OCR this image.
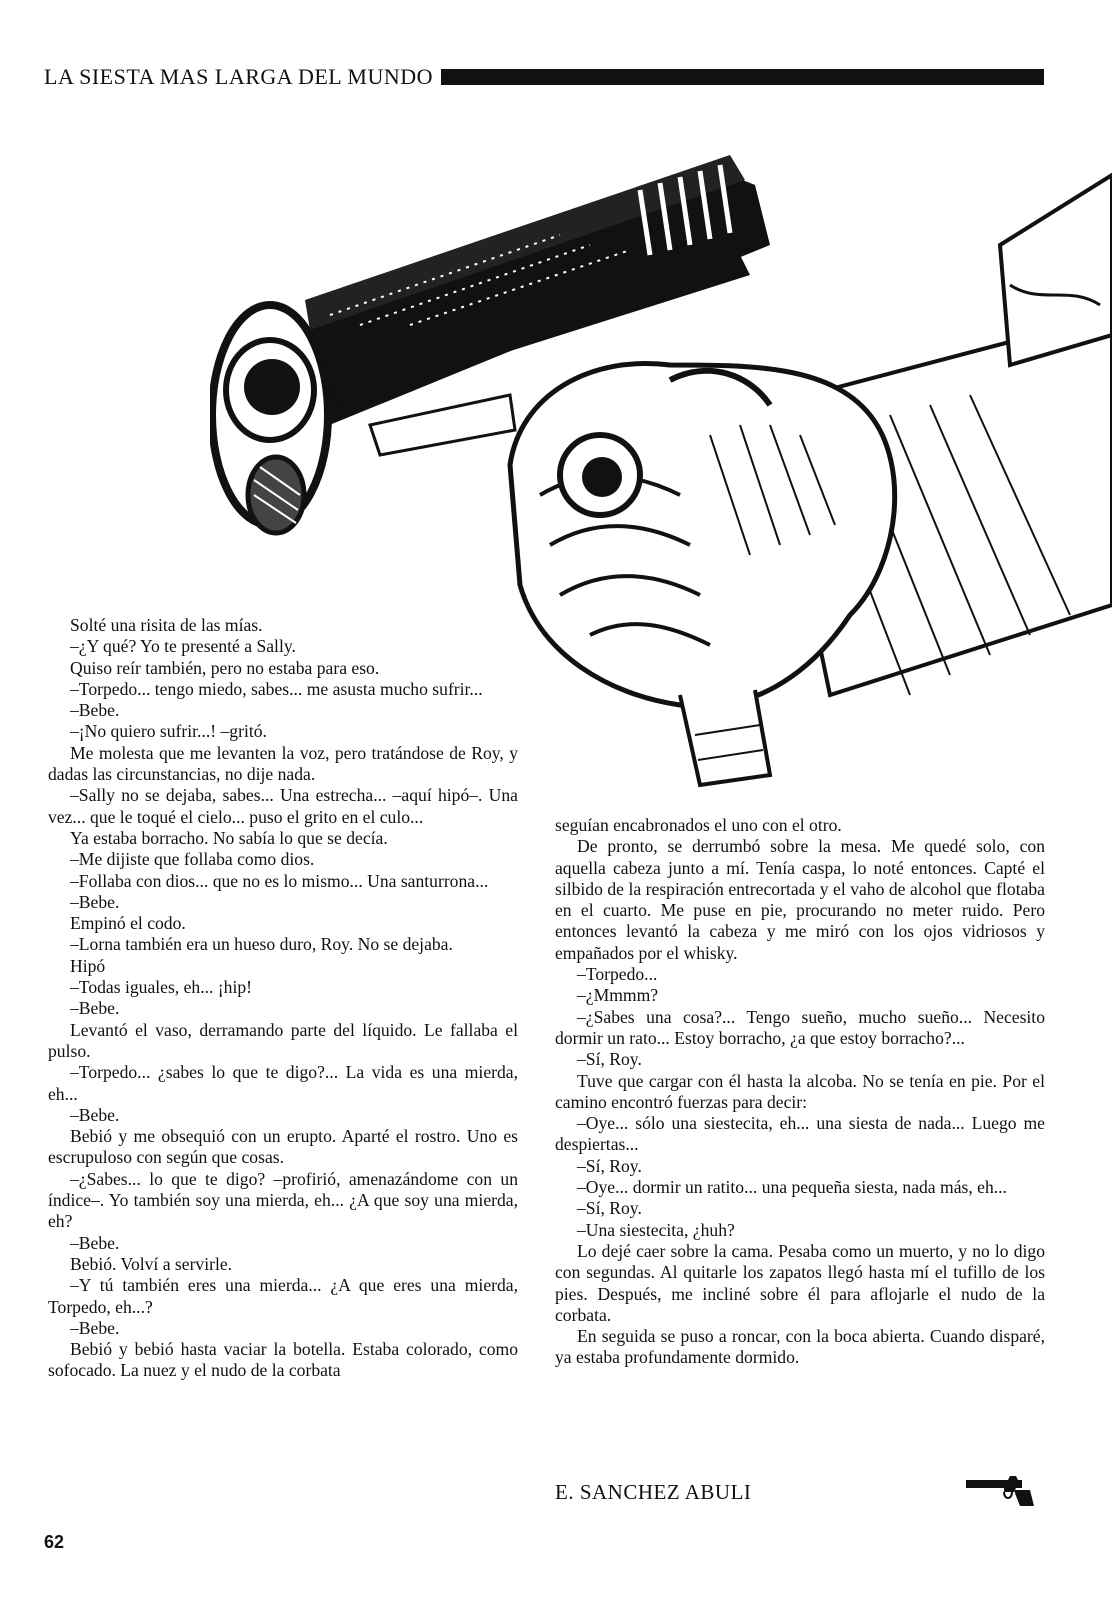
LA SIESTA MAS LARGA DEL MUNDO

Solté una risita de las mías.

–¿Y qué? Yo te presenté a Sally.

Quiso reír también, pero no estaba para eso.

–Torpedo... tengo miedo, sabes... me asusta mucho sufrir...

–Bebe.

–¡No quiero sufrir...! –gritó.

Me molesta que me levanten la voz, pero tratándose de Roy, y dadas las circunstancias, no dije nada.

–Sally no se dejaba, sabes... Una estrecha... –aquí hipó–. Una vez... que le toqué el cielo... puso el grito en el culo...

Ya estaba borracho. No sabía lo que se decía.

–Me dijiste que follaba como dios.

–Follaba con dios... que no es lo mismo... Una santurrona...

–Bebe.

Empinó el codo.

–Lorna también era un hueso duro, Roy. No se dejaba.

Hipó

–Todas iguales, eh... ¡hip!

–Bebe.

Levantó el vaso, derramando parte del líquido. Le fallaba el pulso.

–Torpedo... ¿sabes lo que te digo?... La vida es una mierda, eh...

–Bebe.

Bebió y me obsequió con un erupto. Aparté el rostro. Uno es escrupuloso con según que cosas.

–¿Sabes... lo que te digo? –profirió, amenazándome con un índice–. Yo también soy una mierda, eh... ¿A que soy una mierda, eh?

–Bebe.

Bebió. Volví a servirle.

–Y tú también eres una mierda... ¿A que eres una mierda, Torpedo, eh...?

–Bebe.

Bebió y bebió hasta vaciar la botella. Estaba colorado, como sofocado. La nuez y el nudo de la corbata

seguían encabronados el uno con el otro.

De pronto, se derrumbó sobre la mesa. Me quedé solo, con aquella cabeza junto a mí. Tenía caspa, lo noté entonces. Capté el silbido de la respiración entrecortada y el vaho de alcohol que flotaba en el cuarto. Me puse en pie, procurando no meter ruido. Pero entonces levantó la cabeza y me miró con los ojos vidriosos y empañados por el whisky.

–Torpedo...

–¿Mmmm?

–¿Sabes una cosa?... Tengo sueño, mucho sueño... Necesito dormir un rato... Estoy borracho, ¿a que estoy borracho?...

–Sí, Roy.

Tuve que cargar con él hasta la alcoba. No se tenía en pie. Por el camino encontró fuerzas para decir:

–Oye... sólo una siestecita, eh... una siesta de nada... Luego me despiertas...

–Sí, Roy.

–Oye... dormir un ratito... una pequeña siesta, nada más, eh...

–Sí, Roy.

–Una siestecita, ¿huh?

Lo dejé caer sobre la cama. Pesaba como un muerto, y no lo digo con segundas. Al quitarle los zapatos llegó hasta mí el tufillo de los pies. Después, me incliné sobre él para aflojarle el nudo de la corbata.

En seguida se puso a roncar, con la boca abierta. Cuando disparé, ya estaba profundamente dormido.

E. SANCHEZ ABULI
62
